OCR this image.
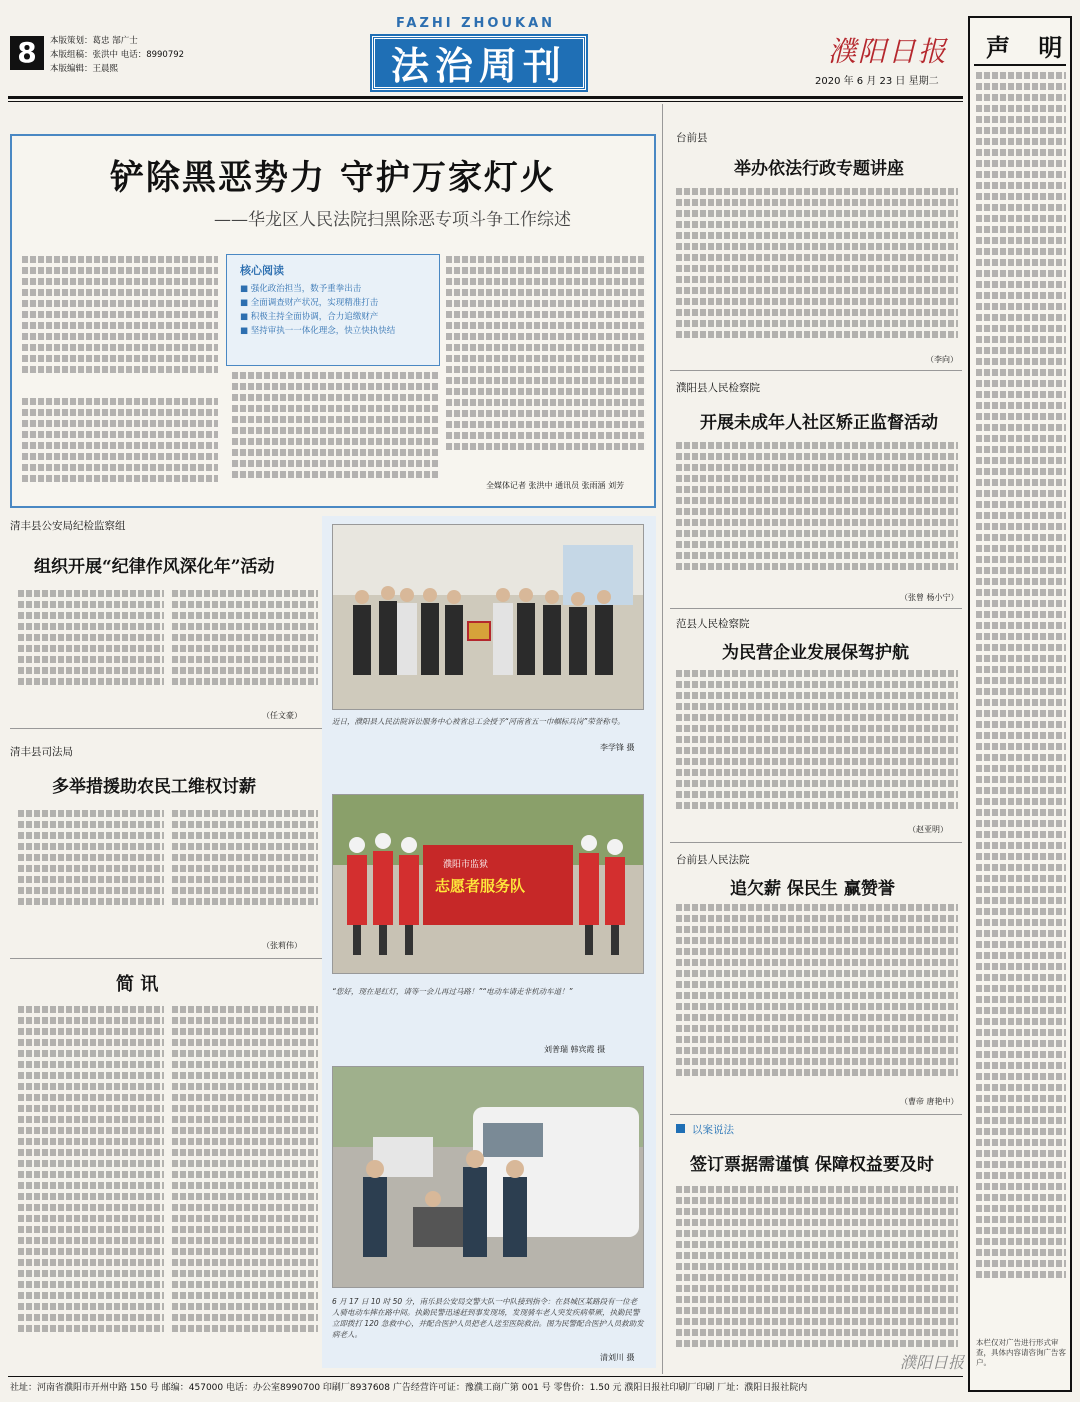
8	本版策划：葛忠 郜广士
本版组稿：张洪中 电话：8990792
本版编辑：王晨熙
FAZHI ZHOUKAN
法治周刊	濮阳日报
2020 年 6 月 23 日 星期二
铲除黑恶势力 守护万家灯火
——华龙区人民法院扫黑除恶专项斗争工作综述
核心阅读
■ 强化政治担当，数予重拳出击
■ 全面调查财产状况，实现精准打击
■ 积极主持全面协调，合力追缴财产
■ 坚持审执一一体化理念，快立快执快结
全媒体记者 张洪中 通讯员 张雨涵 刘芳
清丰县公安局纪检监察组
组织开展“纪律作风深化年”活动
（任文豪）
清丰县司法局
多举措援助农民工维权讨薪
（张莉伟）
简 讯
近日，濮阳县人民法院诉讼服务中心被省总工会授予“河南省五一巾帼标兵岗”荣誉称号。
李学锋 摄
濮阳市监狱
志愿者服务队
“您好，现在是红灯，请等一会儿再过马路！”“电动车请走非机动车道！”
刘普瑞 韩宾霞 摄
6 月 17 日 10 时 50 分，南乐县公安局交警大队一中队接到指令：在县城区某路段有一位老人骑电动车摔在路中间。执勤民警迅速赶到事发现场，发现骑车老人突发疾病晕厥，执勤民警立即拨打 120 急救中心，并配合医护人员把老人送至医院救治。图为民警配合医护人员救助发病老人。
清刘川 摄
台前县
举办依法行政专题讲座
（李向）
濮阳县人民检察院
开展未成年人社区矫正监督活动
（张曾 杨小宁）
范县人民检察院
为民营企业发展保驾护航
（赵亚明）
台前县人民法院
追欠薪 保民生 赢赞誉
（曹帝 唐艳中）
以案说法
签订票据需谨慎 保障权益要及时
声 明
本栏仅对广告进行形式审查，具体内容请咨询广告客户。
社址：河南省濮阳市开州中路 150 号 邮编：457000 电话：办公室8990700 印刷厂8937608 广告经营许可证：豫濮工商广第 001 号 零售价：1.50 元 濮阳日报社印刷厂印刷 厂址：濮阳日报社院内
濮阳日报
